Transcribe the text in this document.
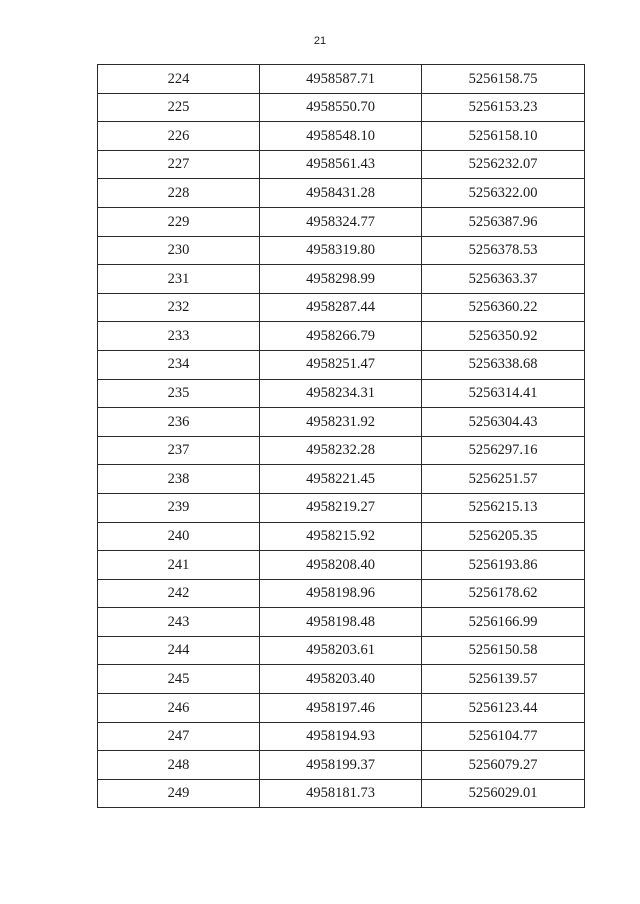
21
224	4958587.71	5256158.75
225	4958550.70	5256153.23
226	4958548.10	5256158.10
227	4958561.43	5256232.07
228	4958431.28	5256322.00
229	4958324.77	5256387.96
230	4958319.80	5256378.53
231	4958298.99	5256363.37
232	4958287.44	5256360.22
233	4958266.79	5256350.92
234	4958251.47	5256338.68
235	4958234.31	5256314.41
236	4958231.92	5256304.43
237	4958232.28	5256297.16
238	4958221.45	5256251.57
239	4958219.27	5256215.13
240	4958215.92	5256205.35
241	4958208.40	5256193.86
242	4958198.96	5256178.62
243	4958198.48	5256166.99
244	4958203.61	5256150.58
245	4958203.40	5256139.57
246	4958197.46	5256123.44
247	4958194.93	5256104.77
248	4958199.37	5256079.27
249	4958181.73	5256029.01
